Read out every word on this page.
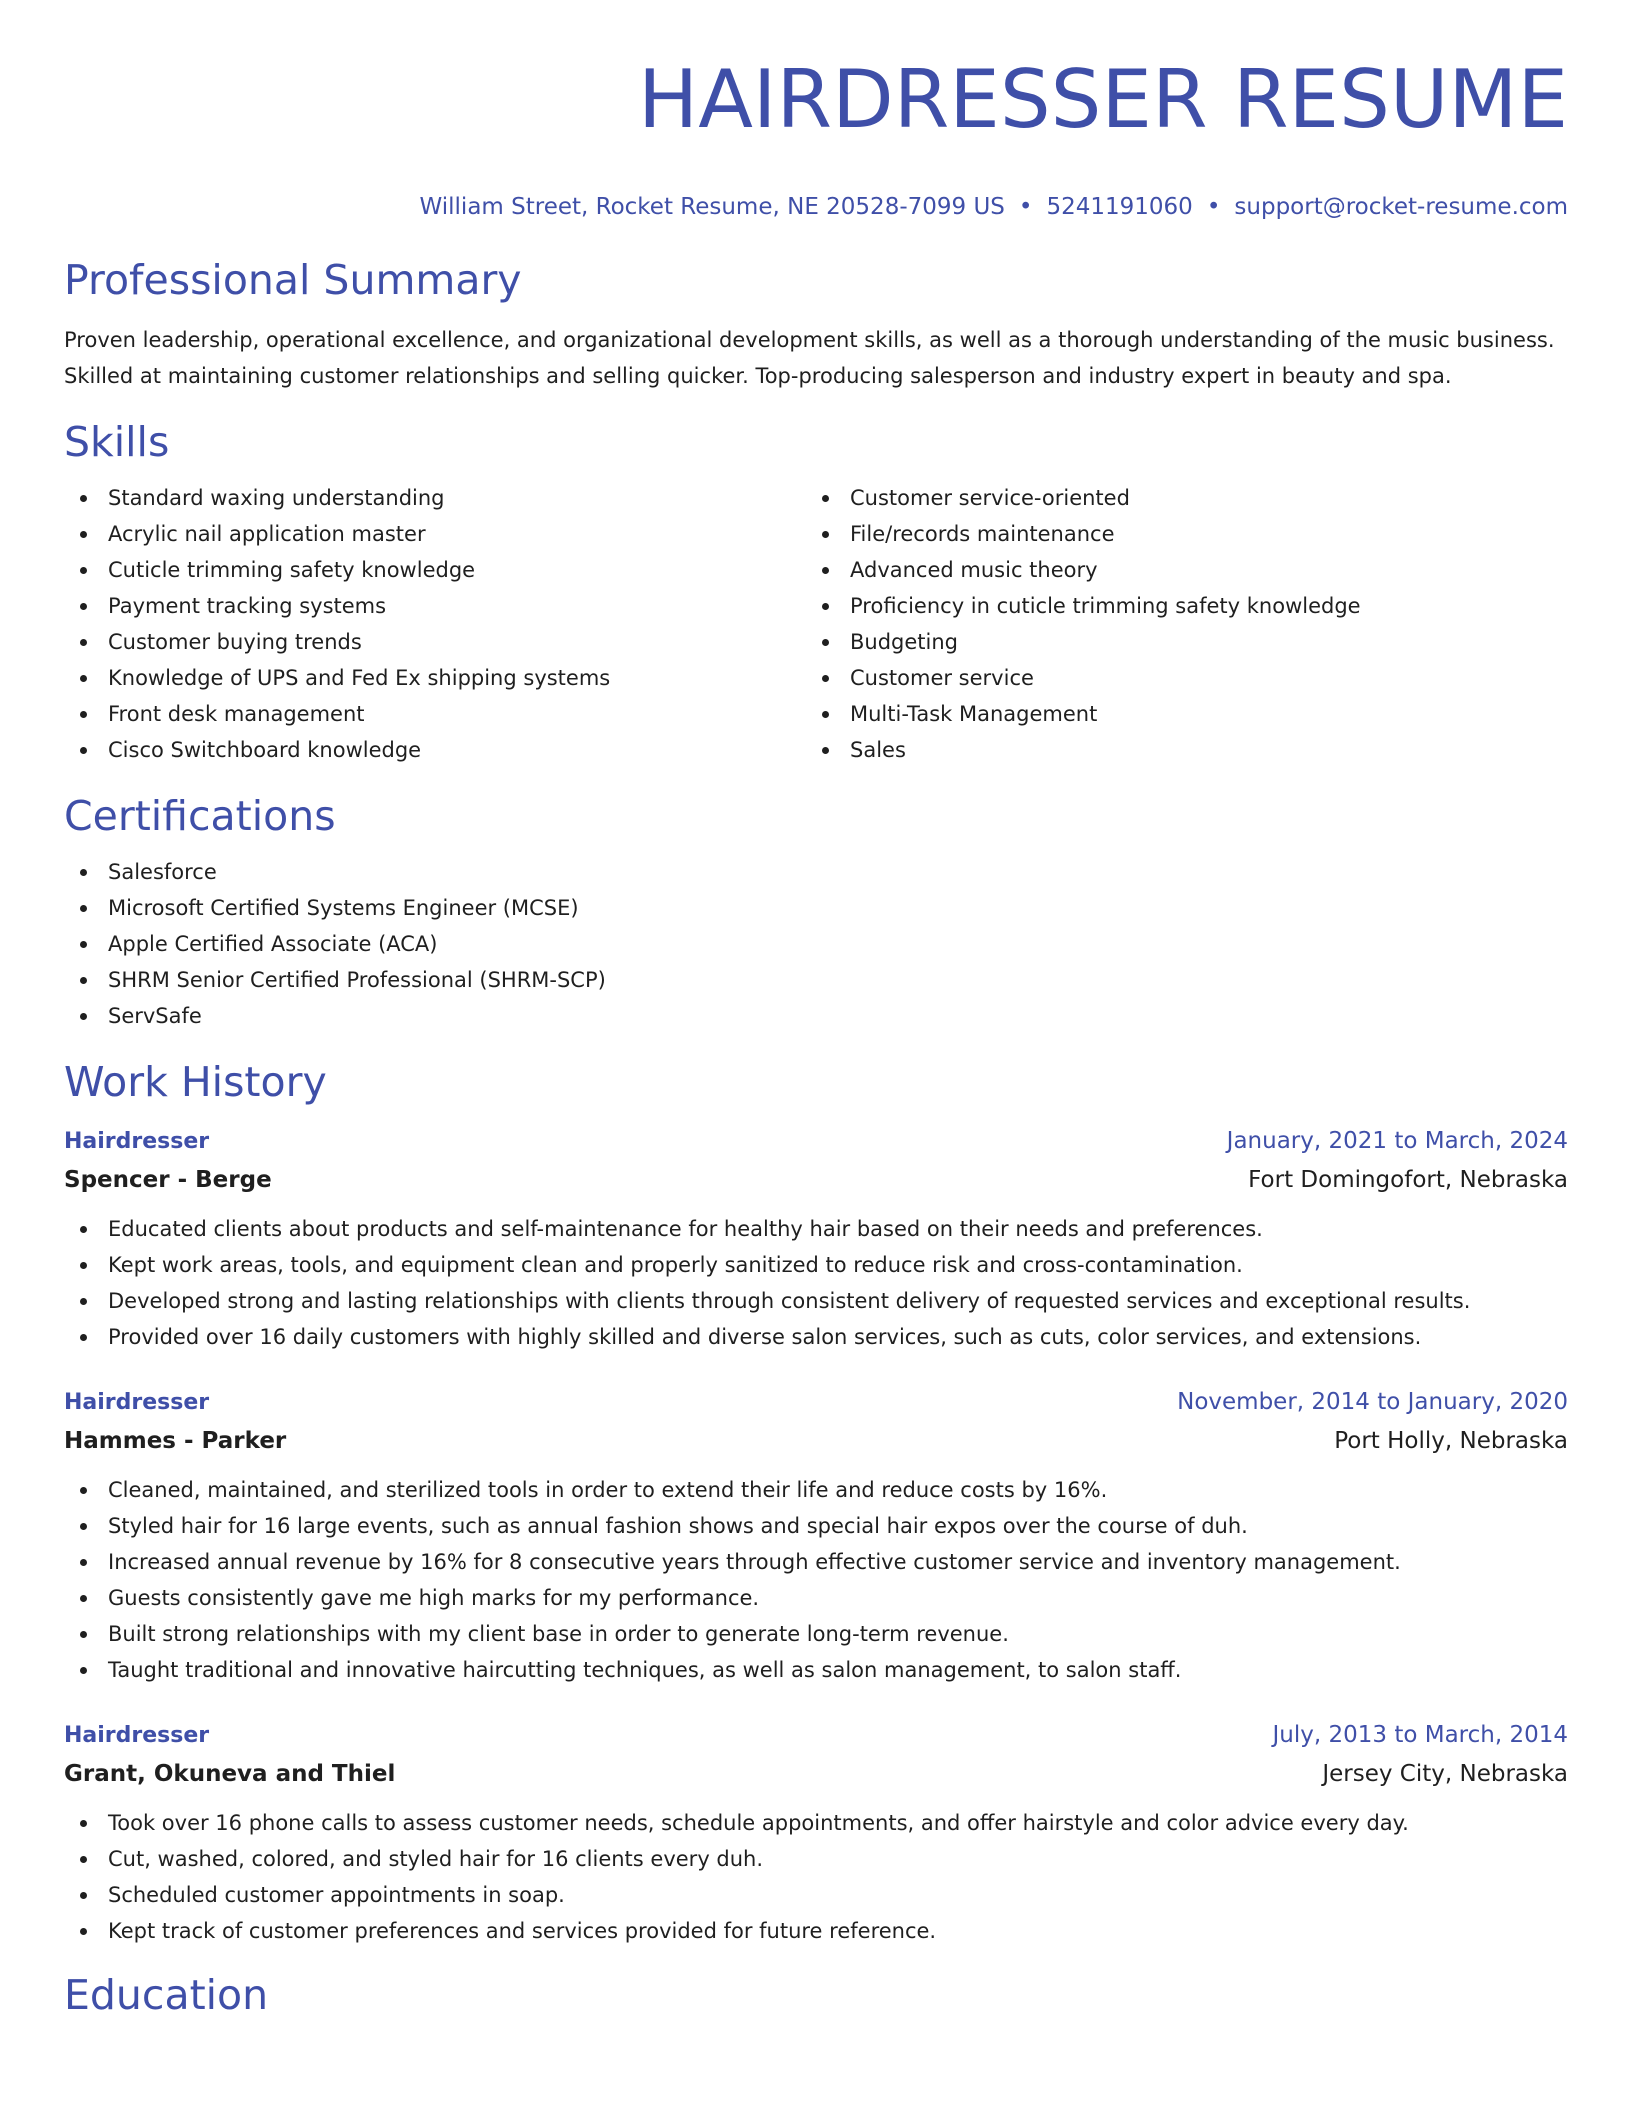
HAIRDRESSER RESUME
William Street, Rocket Resume, NE 20528-7099 US • 5241191060 • support@rocket-resume.com
Professional Summary

Proven leadership, operational excellence, and organizational development skills, as well as a thorough understanding of the music business. Skilled at maintaining customer relationships and selling quicker. Top-producing salesperson and industry expert in beauty and spa.

Skills
Standard waxing understanding
Acrylic nail application master
Cuticle trimming safety knowledge
Payment tracking systems
Customer buying trends
Knowledge of UPS and Fed Ex shipping systems
Front desk management
Cisco Switchboard knowledge
Customer service-oriented
File/records maintenance
Advanced music theory
Proficiency in cuticle trimming safety knowledge
Budgeting
Customer service
Multi-Task Management
Sales
Certifications
Salesforce
Microsoft Certified Systems Engineer (MCSE)
Apple Certified Associate (ACA)
SHRM Senior Certified Professional (SHRM-SCP)
ServSafe
Work History
Hairdresser	January, 2021 to March, 2024
Spencer - Berge	Fort Domingofort, Nebraska
Educated clients about products and self-maintenance for healthy hair based on their needs and preferences.
Kept work areas, tools, and equipment clean and properly sanitized to reduce risk and cross-contamination.
Developed strong and lasting relationships with clients through consistent delivery of requested services and exceptional results.
Provided over 16 daily customers with highly skilled and diverse salon services, such as cuts, color services, and extensions.
Hairdresser	November, 2014 to January, 2020
Hammes - Parker	Port Holly, Nebraska
Cleaned, maintained, and sterilized tools in order to extend their life and reduce costs by 16%.
Styled hair for 16 large events, such as annual fashion shows and special hair expos over the course of duh.
Increased annual revenue by 16% for 8 consecutive years through effective customer service and inventory management.
Guests consistently gave me high marks for my performance.
Built strong relationships with my client base in order to generate long-term revenue.
Taught traditional and innovative haircutting techniques, as well as salon management, to salon staff.
Hairdresser	July, 2013 to March, 2014
Grant, Okuneva and Thiel	Jersey City, Nebraska
Took over 16 phone calls to assess customer needs, schedule appointments, and offer hairstyle and color advice every day.
Cut, washed, colored, and styled hair for 16 clients every duh.
Scheduled customer appointments in soap.
Kept track of customer preferences and services provided for future reference.
Education
